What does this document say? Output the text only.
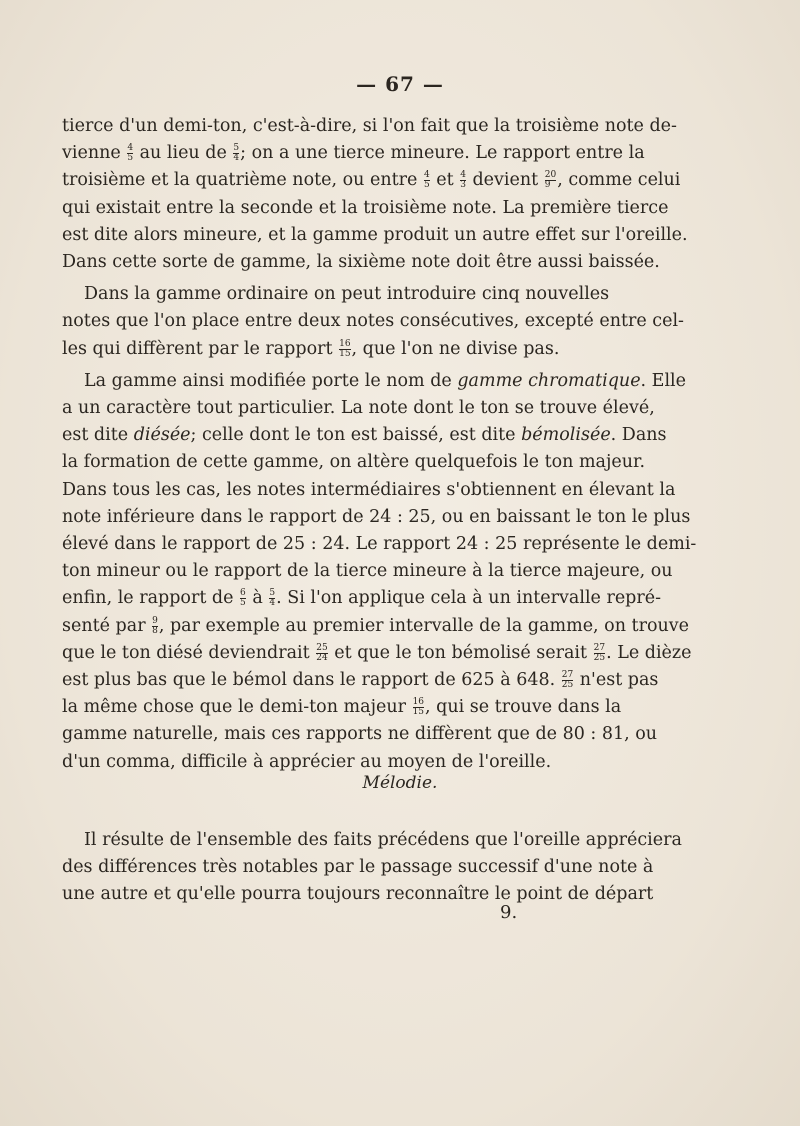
— 67 —
tierce d'un demi-ton, c'est-à-dire, si l'on fait que la troisième note de-
vienne $\frac{4}{5}$ au lieu de $\frac{5}{4}$ ; on a une tierce mineure. Le rapport entre la
troisième et la quatrième note, ou entre $\frac{4}{5}$ et $\frac{4}{3}$ devient $\frac{20}{9}$ , comme celui
qui existait entre la seconde et la troisième note. La première tierce
est dite alors mineure, et la gamme produit un autre effet sur l'oreille.
Dans cette sorte de gamme, la sixième note doit être aussi baissée.
Dans la gamme ordinaire on peut introduire cinq nouvelles
notes que l'on place entre deux notes consécutives, excepté entre cel-
les qui diffèrent par le rapport $\frac{16}{15}$ , que l'on ne divise pas.
La gamme ainsi modifiée porte le nom de gamme chromatique. Elle
a un caractère tout particulier. La note dont le ton se trouve élevé,
est dite diésée; celle dont le ton est baissé, est dite bémolisée. Dans
la formation de cette gamme, on altère quelquefois le ton majeur.
Dans tous les cas, les notes intermédiaires s'obtiennent en élevant la
note inférieure dans le rapport de 24 : 25, ou en baissant le ton le plus
élevé dans le rapport de 25 : 24. Le rapport 24 : 25 représente le demi-
ton mineur ou le rapport de la tierce mineure à la tierce majeure, ou
enfin, le rapport de $\frac{6}{5}$ à $\frac{5}{4}$ . Si l'on applique cela à un intervalle repré-
senté par $\frac{9}{8}$ , par exemple au premier intervalle de la gamme, on trouve
que le ton diésé deviendrait $\frac{25}{24}$ et que le ton bémolisé serait $\frac{27}{25}$ . Le dièze
est plus bas que le bémol dans le rapport de 625 à 648. $\frac{27}{25} n'est$ pas
la même chose que le demi-ton majeur $\frac{16}{15}$ , qui se trouve dans la
gamme naturelle, mais ces rapports ne diffèrent que de 80 : 81, ou
d'un comma, difficile à apprécier au moyen de l'oreille.
Mélodie.
Il résulte de l'ensemble des faits précédens que l'oreille appréciera
des différences très notables par le passage successif d'une note à
une autre et qu'elle pourra toujours reconnaître le point de départ
9.
